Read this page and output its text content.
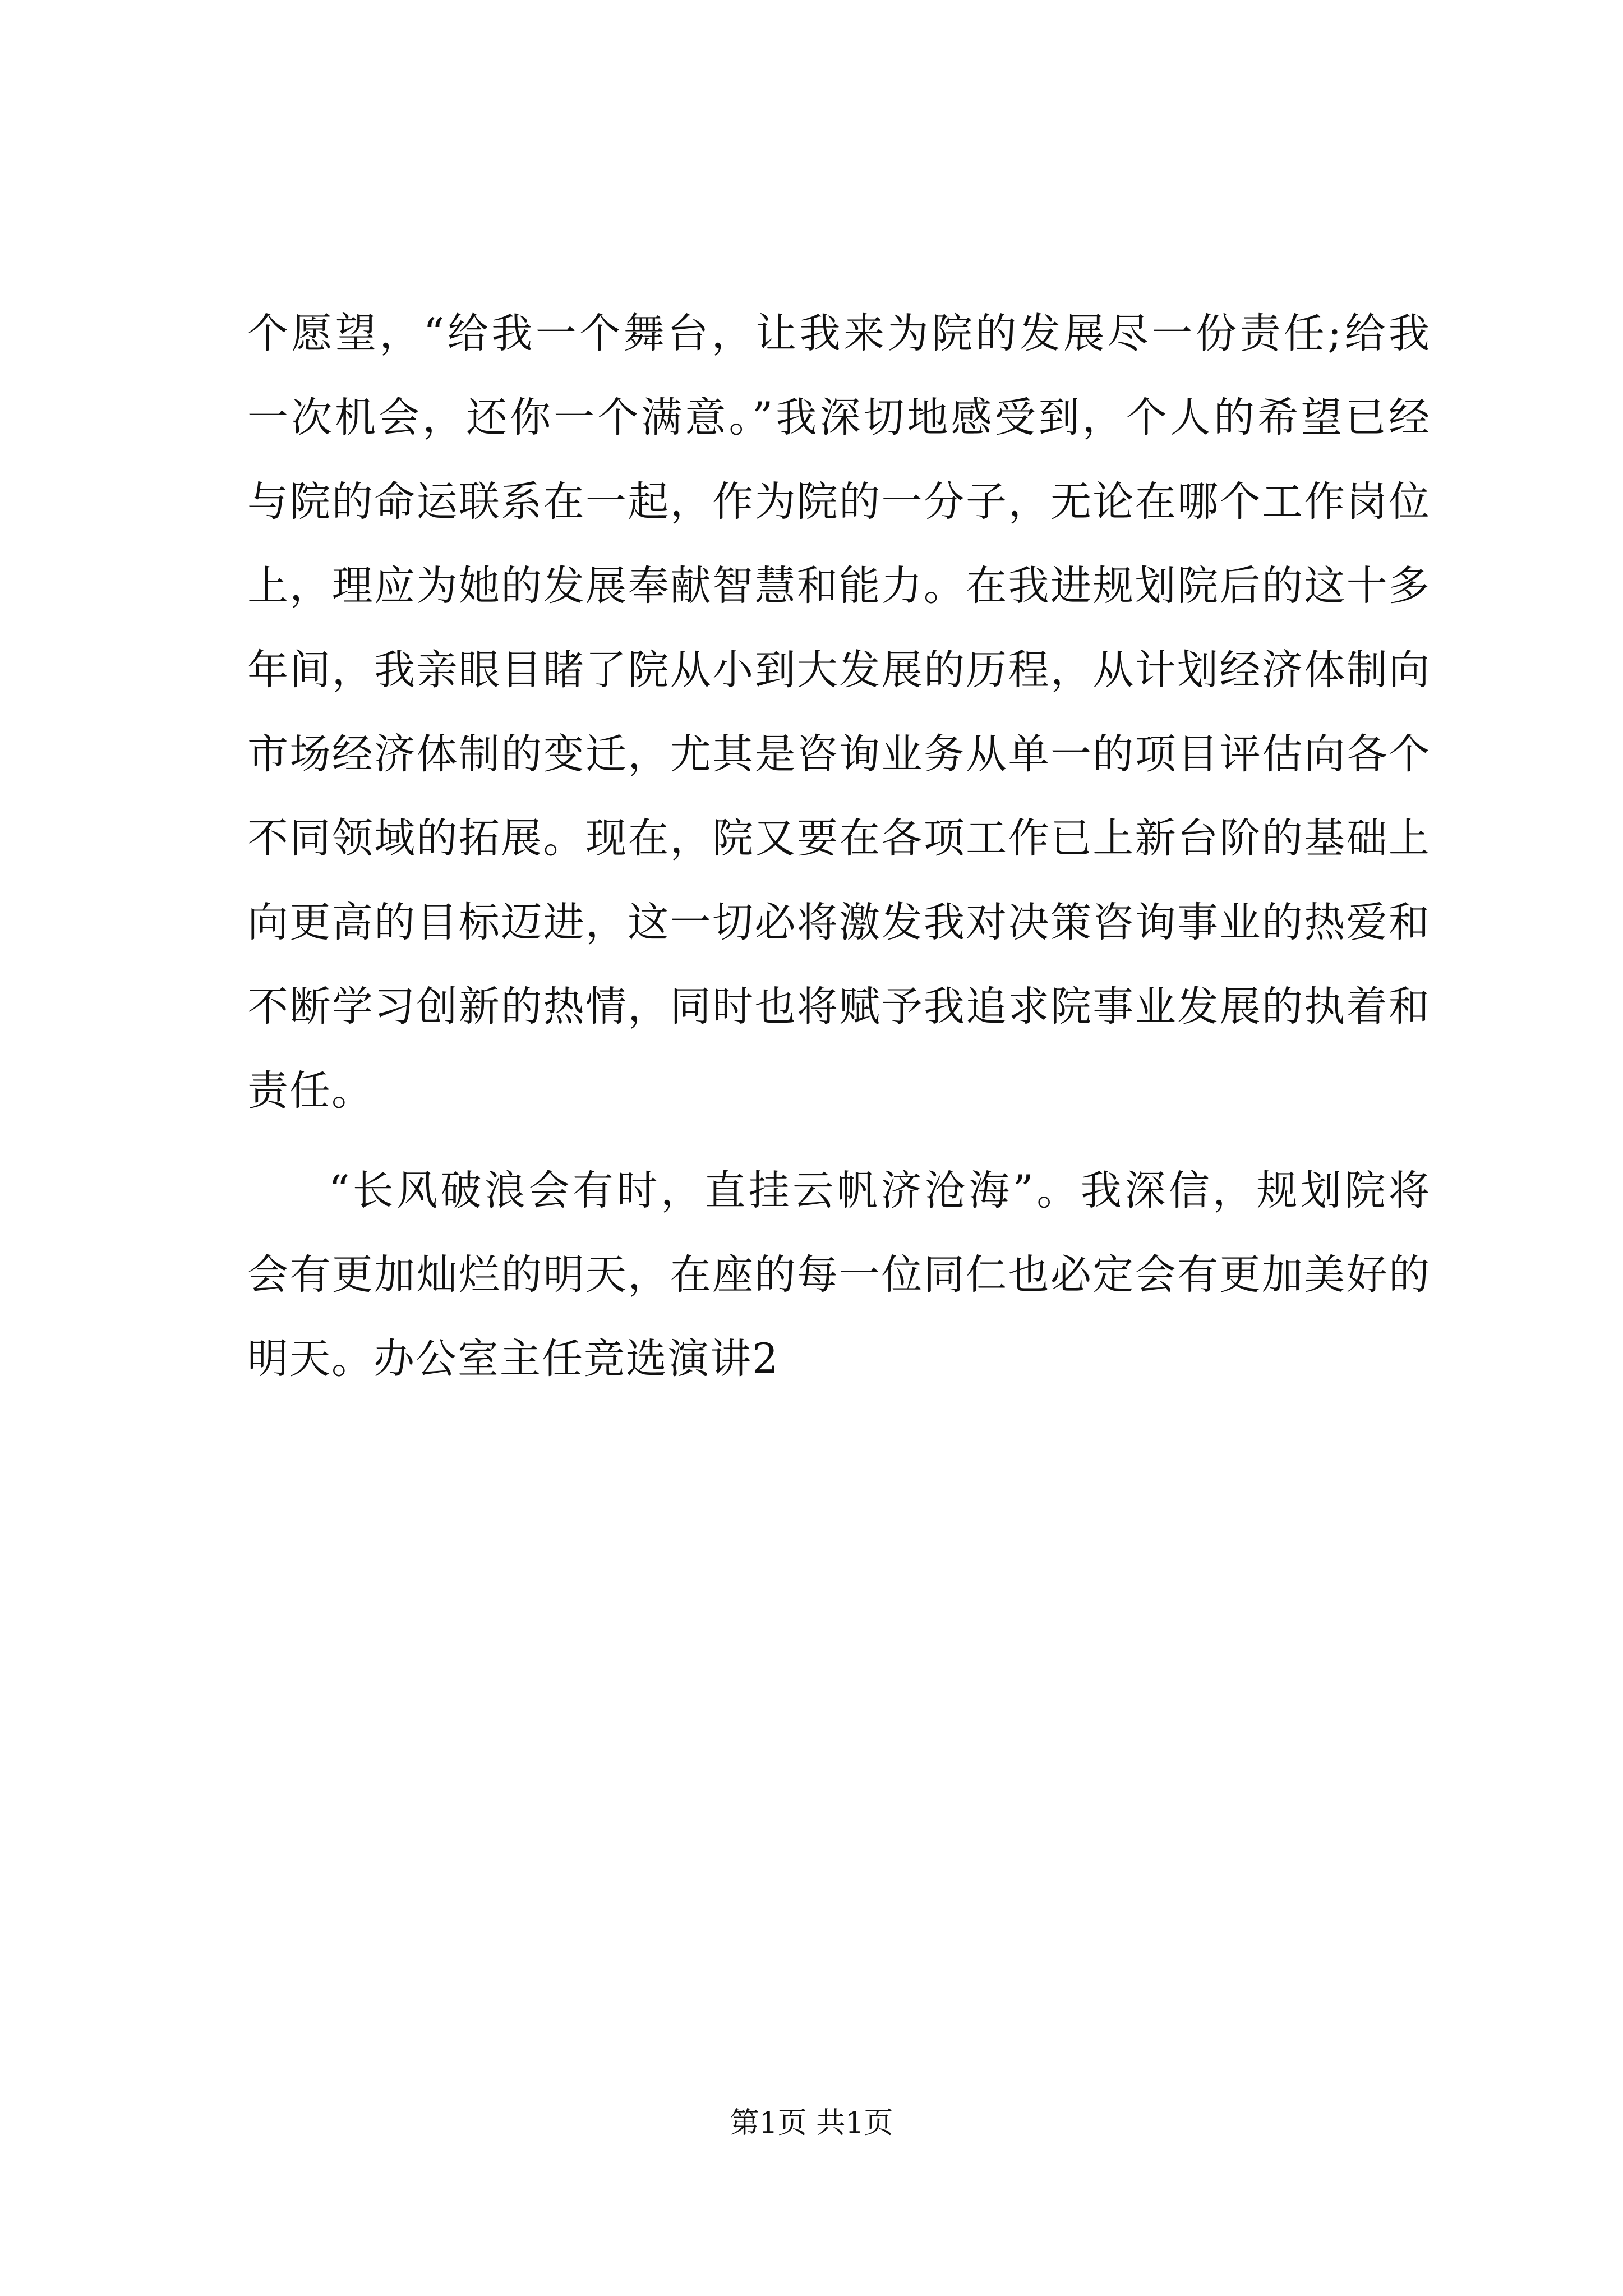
个愿望，“给我一个舞台，让我来为院的发展尽一份责任;给我
一次机会，还你一个满意。”我深切地感受到，个人的希望已经
与院的命运联系在一起，作为院的一分子，无论在哪个工作岗位
上，理应为她的发展奉献智慧和能力。在我进规划院后的这十多
年间，我亲眼目睹了院从小到大发展的历程，从计划经济体制向
市场经济体制的变迁，尤其是咨询业务从单一的项目评估向各个
不同领域的拓展。现在，院又要在各项工作已上新台阶的基础上
向更高的目标迈进，这一切必将激发我对决策咨询事业的热爱和
不断学习创新的热情，同时也将赋予我追求院事业发展的执着和
责任。
“长风破浪会有时，直挂云帆济沧海”。我深信，规划院将
会有更加灿烂的明天，在座的每一位同仁也必定会有更加美好的
明天。办公室主任竞选演讲2
第1页 共1页
